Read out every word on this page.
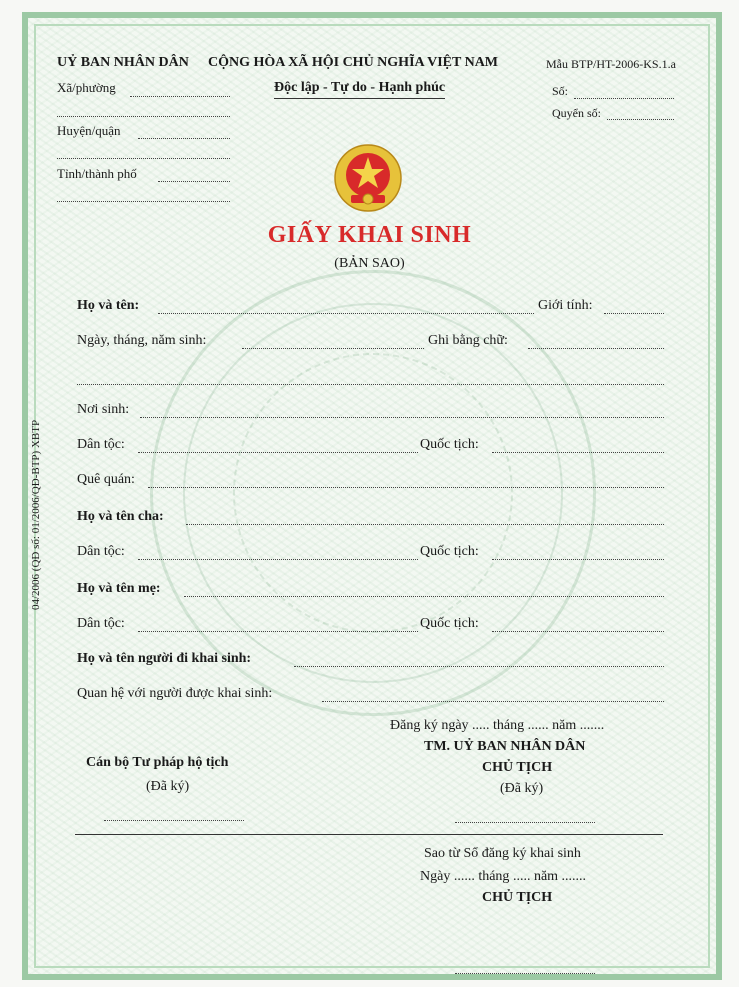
UỶ BAN NHÂN DÂN
Xã/phường
Huyện/quận
Tỉnh/thành phố
CỘNG HÒA XÃ HỘI CHỦ NGHĨA VIỆT NAM
Độc lập - Tự do - Hạnh phúc
Mẫu BTP/HT-2006-KS.1.a
Số:
Quyển số:
GIẤY KHAI SINH
(BẢN SAO)
04/2006 (QĐ số: 01/2006/QĐ-BTP) XBTP
Họ và tên:	Giới tính:
Ngày, tháng, năm sinh:	Ghi bằng chữ:
Nơi sinh:
Dân tộc:	Quốc tịch:
Quê quán:
Họ và tên cha:
Dân tộc:	Quốc tịch:
Họ và tên mẹ:
Dân tộc:	Quốc tịch:
Họ và tên người đi khai sinh:
Quan hệ với người được khai sinh:
Đăng ký ngày ..... tháng ...... năm .......
Cán bộ Tư pháp hộ tịch
(Đã ký)
TM. UỶ BAN NHÂN DÂN
CHỦ TỊCH
(Đã ký)
Sao từ Sổ đăng ký khai sinh
Ngày ...... tháng ..... năm .......
CHỦ TỊCH
